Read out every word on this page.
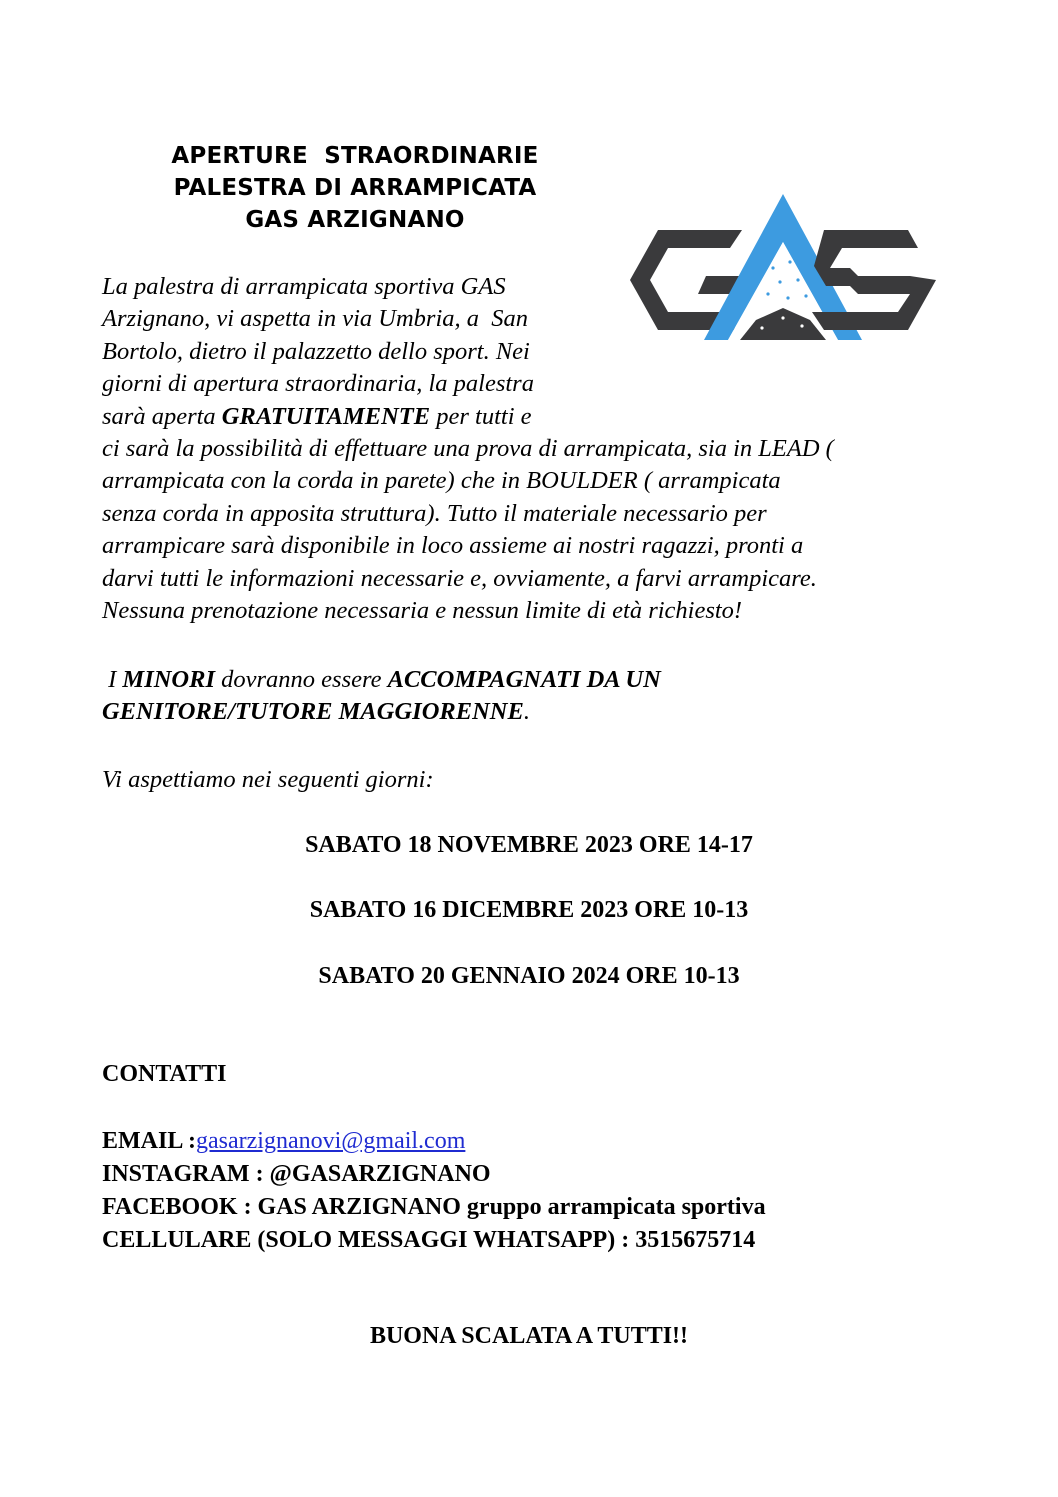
APERTURE  STRAORDINARIE
PALESTRA DI ARRAMPICATA
GAS ARZIGNANO
La palestra di arrampicata sportiva GAS
Arzignano, vi aspetta in via Umbria, a  San
Bortolo, dietro il palazzetto dello sport. Nei
giorni di apertura straordinaria, la palestra
sarà aperta GRATUITAMENTE per tutti e
ci sarà la possibilità di effettuare una prova di arrampicata, sia in LEAD (
arrampicata con la corda in parete) che in BOULDER ( arrampicata
senza corda in apposita struttura). Tutto il materiale necessario per
arrampicare sarà disponibile in loco assieme ai nostri ragazzi, pronti a
darvi tutti le informazioni necessarie e, ovviamente, a farvi arrampicare.
Nessuna prenotazione necessaria e nessun limite di età richiesto!
I MINORI dovranno essere ACCOMPAGNATI DA UN
GENITORE/TUTORE MAGGIORENNE.
Vi aspettiamo nei seguenti giorni:
SABATO 18 NOVEMBRE 2023 ORE 14-17
SABATO 16 DICEMBRE 2023 ORE 10-13
SABATO 20 GENNAIO 2024 ORE 10-13
CONTATTI
EMAIL :gasarzignanovi@gmail.com
INSTAGRAM : @GASARZIGNANO
FACEBOOK : GAS ARZIGNANO gruppo arrampicata sportiva
CELLULARE (SOLO MESSAGGI WHATSAPP) : 3515675714
BUONA SCALATA A TUTTI!!
